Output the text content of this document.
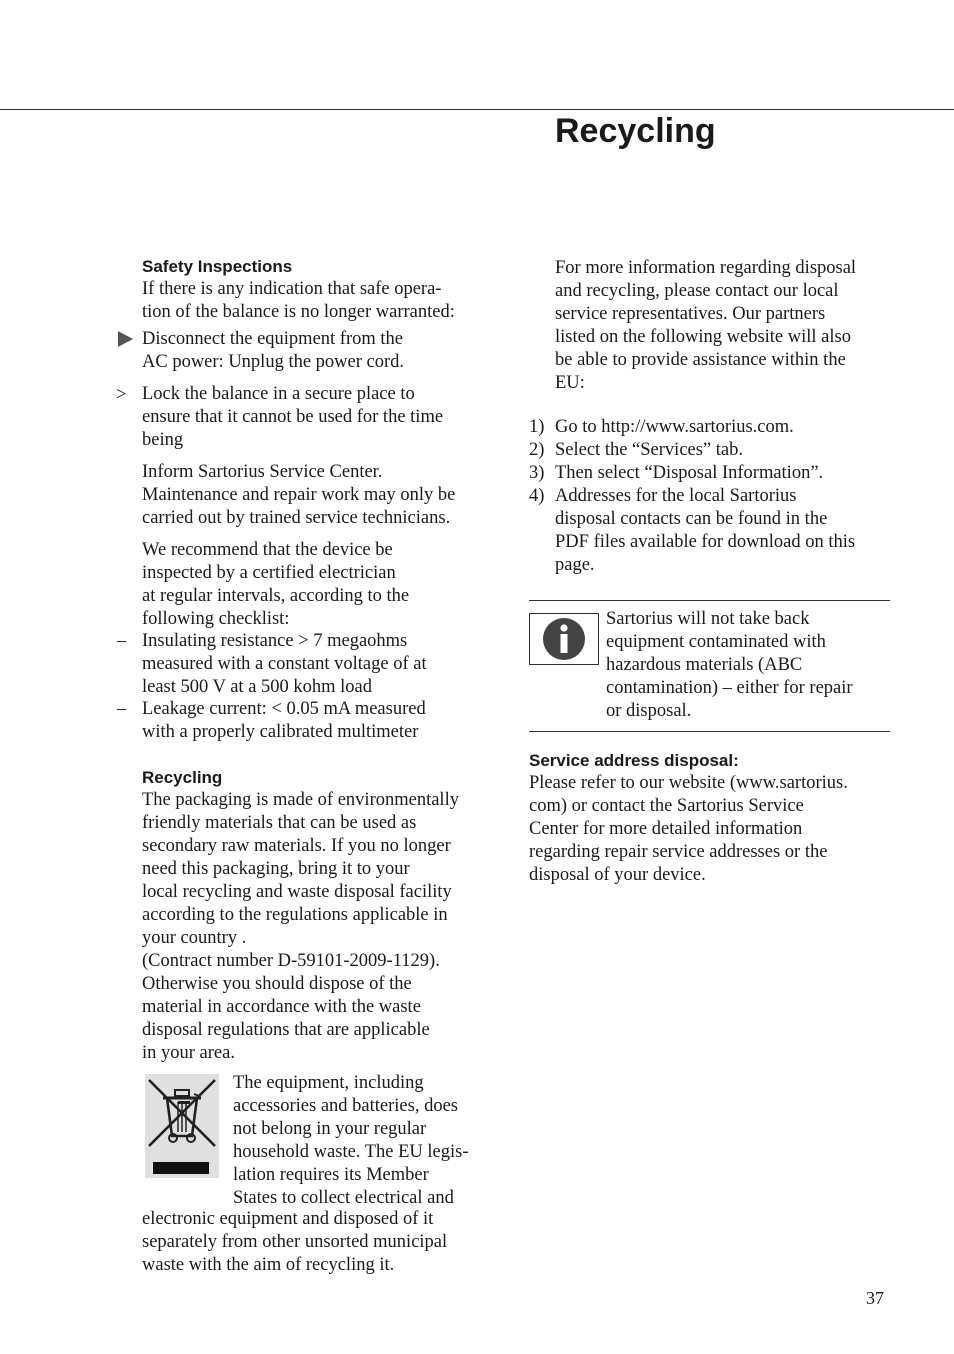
Recycling
Safety Inspections
If there is any indication that safe opera-
tion of the balance is no longer warranted:
Disconnect the equipment from the
AC power: Unplug the power cord.
> Lock the balance in a secure place to
ensure that it cannot be used for the time
being
Inform Sartorius Service Center.
Maintenance and repair work may only be
carried out by trained service technicians.
We recommend that the device be
inspected by a certified electrician
at regular intervals, according to the
following checklist:
– Insulating resistance > 7 megaohms
measured with a constant voltage of at
least 500 V at a 500 kohm load
– Leakage current: < 0.05 mA measured
with a properly calibrated multimeter
Recycling
The packaging is made of environmentally
friendly materials that can be used as
secondary raw materials. If you no longer
need this packaging, bring it to your
local recycling and waste disposal facility
according to the regulations applicable in
your country .
(Contract number D-59101-2009-1129).
Otherwise you should dispose of the
material in accordance with the waste
disposal regulations that are applicable
in your area.
The equipment, including
accessories and batteries, does
not belong in your regular
household waste. The EU legis-
lation requires its Member
States to collect electrical and
electronic equipment and disposed of it
separately from other unsorted municipal
waste with the aim of recycling it.
For more information regarding disposal
and recycling, please contact our local
service representatives. Our partners
listed on the following website will also
be able to provide assistance within the
EU:
1) Go to http://www.sartorius.com.
2) Select the “Services” tab.
3) Then select “Disposal Information”.
4) Addresses for the local Sartorius
disposal contacts can be found in the
PDF files available for download on this
page.
Sartorius will not take back
equipment contaminated with
hazardous materials (ABC
contamination) – either for repair
or disposal.
Service address disposal:
Please refer to our website (www.sartorius.
com) or contact the Sartorius Service
Center for more detailed information
regarding repair service addresses or the
disposal of your device.
37
